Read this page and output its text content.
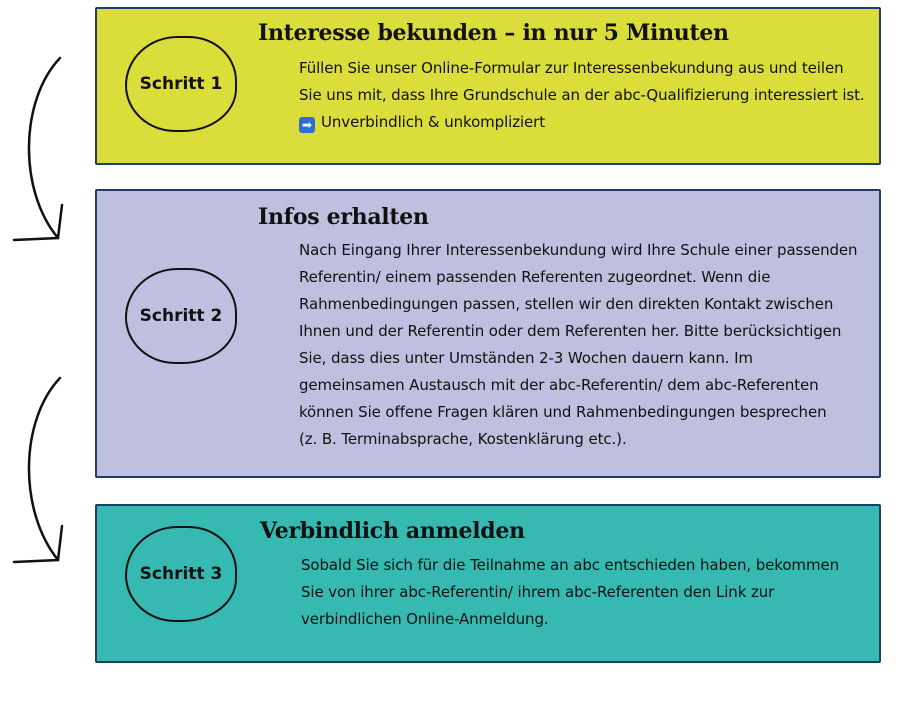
Schritt 1
Interesse bekunden – in nur 5 Minuten
Füllen Sie unser Online-Formular zur Interessenbekundung aus und teilen
Sie uns mit, dass Ihre Grundschule an der abc-Qualifizierung interessiert ist.
➡ Unverbindlich & unkompliziert
Schritt 2
Infos erhalten
Nach Eingang Ihrer Interessenbekundung wird Ihre Schule einer passenden
Referentin/ einem passenden Referenten zugeordnet. Wenn die
Rahmenbedingungen passen, stellen wir den direkten Kontakt zwischen
Ihnen und der Referentin oder dem Referenten her. Bitte berücksichtigen
Sie, dass dies unter Umständen 2-3 Wochen dauern kann. Im
gemeinsamen Austausch mit der abc-Referentin/ dem abc-Referenten
können Sie offene Fragen klären und Rahmenbedingungen besprechen
(z. B. Terminabsprache, Kostenklärung etc.).
Schritt 3
Verbindlich anmelden
Sobald Sie sich für die Teilnahme an abc entschieden haben, bekommen
Sie von ihrer abc-Referentin/ ihrem abc-Referenten den Link zur
verbindlichen Online-Anmeldung.
